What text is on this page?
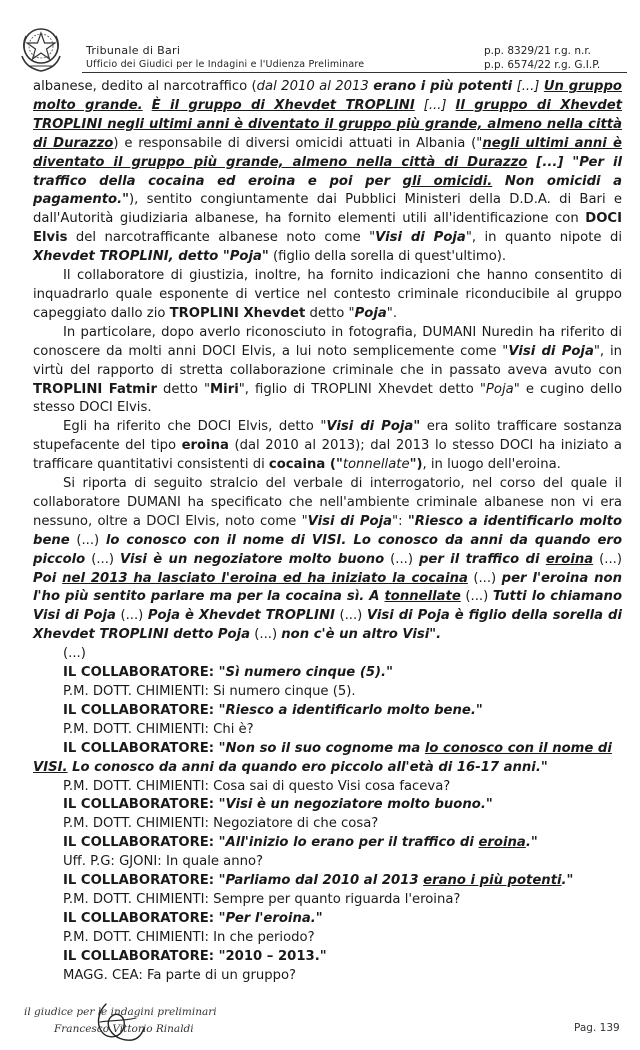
Tribunale di Bari
Ufficio dei Giudici per le Indagini e l'Udienza Preliminare
p.p. 8329/21 r.g. n.r.
p.p. 6574/22 r.g. G.I.P.

albanese, dedito al narcotraffico (dal 2010 al 2013 erano i più potenti [...] Un gruppo molto grande. È il gruppo di Xhevdet TROPLINI [...] Il gruppo di Xhevdet TROPLINI negli ultimi anni è diventato il gruppo più grande, almeno nella città di Durazzo) e responsabile di diversi omicidi attuati in Albania ("negli ultimi anni è diventato il gruppo più grande, almeno nella città di Durazzo [...] "Per il traffico della cocaina ed eroina e poi per gli omicidi. Non omicidi a pagamento."), sentito congiuntamente dai Pubblici Ministeri della D.D.A. di Bari e dall'Autorità giudiziaria albanese, ha fornito elementi utili all'identificazione con DOCI Elvis del narcotrafficante albanese noto come "Visi di Poja", in quanto nipote di Xhevdet TROPLINI, detto "Poja" (figlio della sorella di quest'ultimo).

Il collaboratore di giustizia, inoltre, ha fornito indicazioni che hanno consentito di inquadrarlo quale esponente di vertice nel contesto criminale riconducibile al gruppo capeggiato dallo zio TROPLINI Xhevdet detto "Poja".

In particolare, dopo averlo riconosciuto in fotografia, DUMANI Nuredin ha riferito di conoscere da molti anni DOCI Elvis, a lui noto semplicemente come "Visi di Poja", in virtù del rapporto di stretta collaborazione criminale che in passato aveva avuto con TROPLINI Fatmir detto "Miri", figlio di TROPLINI Xhevdet detto "Poja" e cugino dello stesso DOCI Elvis.

Egli ha riferito che DOCI Elvis, detto "Visi di Poja" era solito trafficare sostanza stupefacente del tipo eroina (dal 2010 al 2013); dal 2013 lo stesso DOCI ha iniziato a trafficare quantitativi consistenti di cocaina ("tonnellate"), in luogo dell'eroina.

Si riporta di seguito stralcio del verbale di interrogatorio, nel corso del quale il collaboratore DUMANI ha specificato che nell'ambiente criminale albanese non vi era nessuno, oltre a DOCI Elvis, noto come "Visi di Poja": "Riesco a identificarlo molto bene (...) lo conosco con il nome di VISI. Lo conosco da anni da quando ero piccolo (...) Visi è un negoziatore molto buono (...) per il traffico di eroina (...) Poi nel 2013 ha lasciato l'eroina ed ha iniziato la cocaina (...) per l'eroina non l'ho più sentito parlare ma per la cocaina sì. A tonnellate (...) Tutti lo chiamano Visi di Poja (...) Poja è Xhevdet TROPLINI (...) Visi di Poja è figlio della sorella di Xhevdet TROPLINI detto Poja (...) non c'è un altro Visi".

(...)
IL COLLABORATORE: "Sì numero cinque (5)."
P.M. DOTT. CHIMIENTI: Si numero cinque (5).
IL COLLABORATORE: "Riesco a identificarlo molto bene."
P.M. DOTT. CHIMIENTI: Chi è?
IL COLLABORATORE: "Non so il suo cognome ma lo conosco con il nome di
VISI. Lo conosco da anni da quando ero piccolo all'età di 16-17 anni."
P.M. DOTT. CHIMIENTI: Cosa sai di questo Visi cosa faceva?
IL COLLABORATORE: "Visi è un negoziatore molto buono."
P.M. DOTT. CHIMIENTI: Negoziatore di che cosa?
IL COLLABORATORE: "All'inizio lo erano per il traffico di eroina."
Uff. P.G: GJONI: In quale anno?
IL COLLABORATORE: "Parliamo dal 2010 al 2013 erano i più potenti."
P.M. DOTT. CHIMIENTI: Sempre per quanto riguarda l'eroina?
IL COLLABORATORE: "Per l'eroina."
P.M. DOTT. CHIMIENTI: In che periodo?
IL COLLABORATORE: "2010 – 2013."
MAGG. CEA: Fa parte di un gruppo?
il giudice per le indagini preliminari
Francesco Vittorio Rinaldi	Pag. 139
